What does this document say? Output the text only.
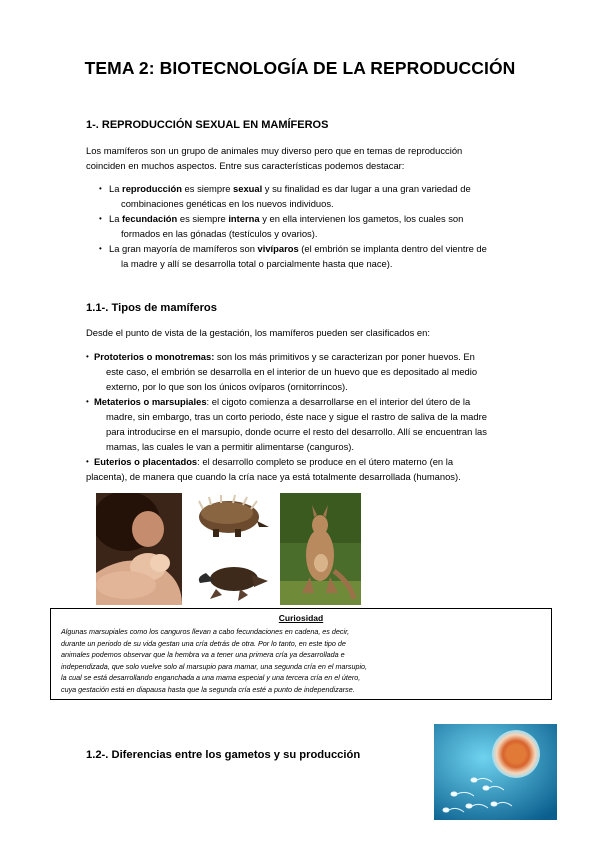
TEMA 2: BIOTECNOLOGÍA DE LA REPRODUCCIÓN
1-. REPRODUCCIÓN SEXUAL EN MAMÍFEROS
Los mamíferos son un grupo de animales muy diverso pero que en temas de reproducción
coinciden en muchos aspectos. Entre sus características podemos destacar:
• La reproducción es siempre sexual y su finalidad es dar lugar a una gran variedad de
combinaciones genéticas en los nuevos individuos.
• La fecundación es siempre interna y en ella intervienen los gametos, los cuales son
formados en las gónadas (testículos y ovarios).
• La gran mayoría de mamíferos son vivíparos (el embrión se implanta dentro del vientre de
la madre y allí se desarrolla total o parcialmente hasta que nace).
1.1-. Tipos de mamíferos
Desde el punto de vista de la gestación, los mamíferos pueden ser clasificados en:
• Prototerios o monotremas: son los más primitivos y se caracterizan por poner huevos. En
este caso, el embrión se desarrolla en el interior de un huevo que es depositado al medio
externo, por lo que son los únicos ovíparos (ornitorrincos).
• Metaterios o marsupiales: el cigoto comienza a desarrollarse en el interior del útero de la
madre, sin embargo, tras un corto periodo, éste nace y sigue el rastro de saliva de la madre
para introducirse en el marsupio, donde ocurre el resto del desarrollo. Allí se encuentran las
mamas, las cuales le van a permitir alimentarse (canguros).
• Euterios o placentados: el desarrollo completo se produce en el útero materno (en la
placenta), de manera que cuando la cría nace ya está totalmente desarrollada (humanos).
Curiosidad
Algunas marsupiales como los canguros llevan a cabo fecundaciones en cadena, es decir,
durante un periodo de su vida gestan una cría detrás de otra. Por lo tanto, en este tipo de
animales podemos observar que la hembra va a tener una primera cría ya desarrollada e
independizada, que solo vuelve solo al marsupio para mamar, una segunda cría en el marsupio,
la cual se está desarrollando enganchada a una mama especial y una tercera cría en el útero,
cuya gestación está en diapausa hasta que la segunda cría esté a punto de independizarse.
1.2-. Diferencias entre los gametos y su producción
